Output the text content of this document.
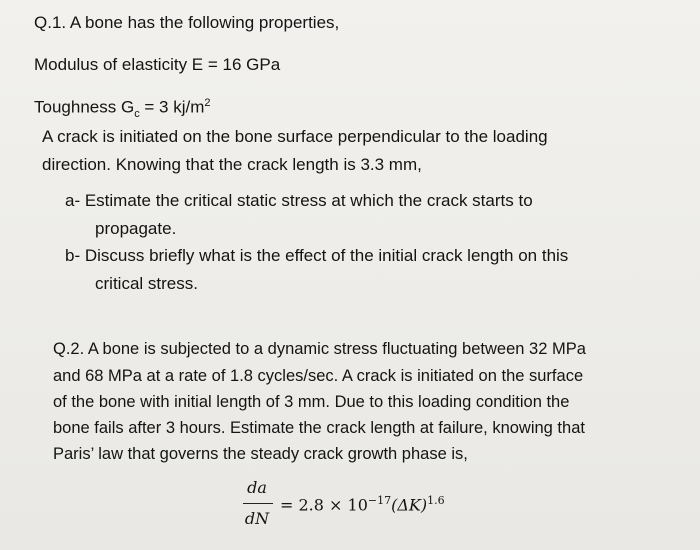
Q.1. A bone has the following properties,
Modulus of elasticity E = 16 GPa
Toughness $G_c = 3$ $kj/m^2$
A crack is initiated on the bone surface perpendicular to the loading
direction. Knowing that the crack length is 3.3 mm,
a- Estimate the critical static stress at which the crack starts to
propagate.
b- Discuss briefly what is the effect of the initial crack length on this
critical stress.
Q.2. A bone is subjected to a dynamic stress fluctuating between 32 MPa
and 68 MPa at a rate of 1.8 cycles/sec. A crack is initiated on the surface
of the bone with initial length of 3 mm. Due to this loading condition the
bone fails after 3 hours. Estimate the crack length at failure, knowing that
Paris’ law that governs the steady crack growth phase is,
da
dN
= $2.8 \times 10^{-17}(\Delta K)^{1.6}$
